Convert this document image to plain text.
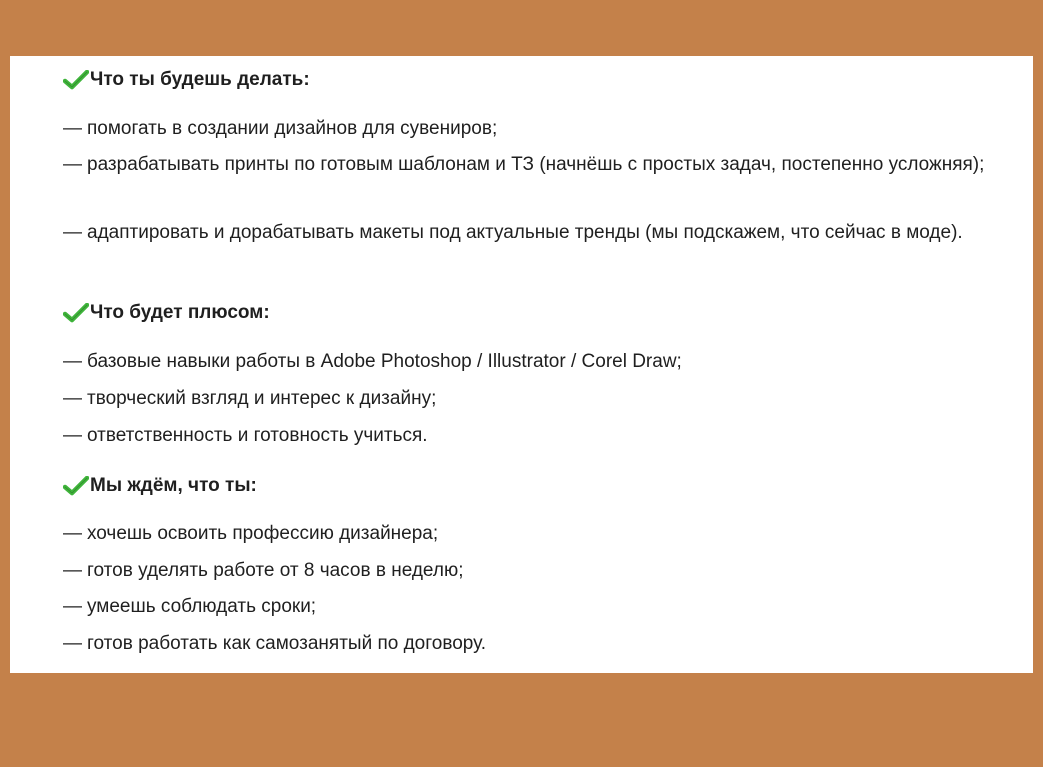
Что ты будешь делать:
— помогать в создании дизайнов для сувениров;
— разрабатывать принты по готовым шаблонам и ТЗ (начнёшь с простых задач, постепенно усложняя);
— адаптировать и дорабатывать макеты под актуальные тренды (мы подскажем, что сейчас в моде).
Что будет плюсом:
— базовые навыки работы в Adobe Photoshop / Illustrator / Corel Draw;
— творческий взгляд и интерес к дизайну;
— ответственность и готовность учиться.
Мы ждём, что ты:
— хочешь освоить профессию дизайнера;
— готов уделять работе от 8 часов в неделю;
— умеешь соблюдать сроки;
— готов работать как самозанятый по договору.
